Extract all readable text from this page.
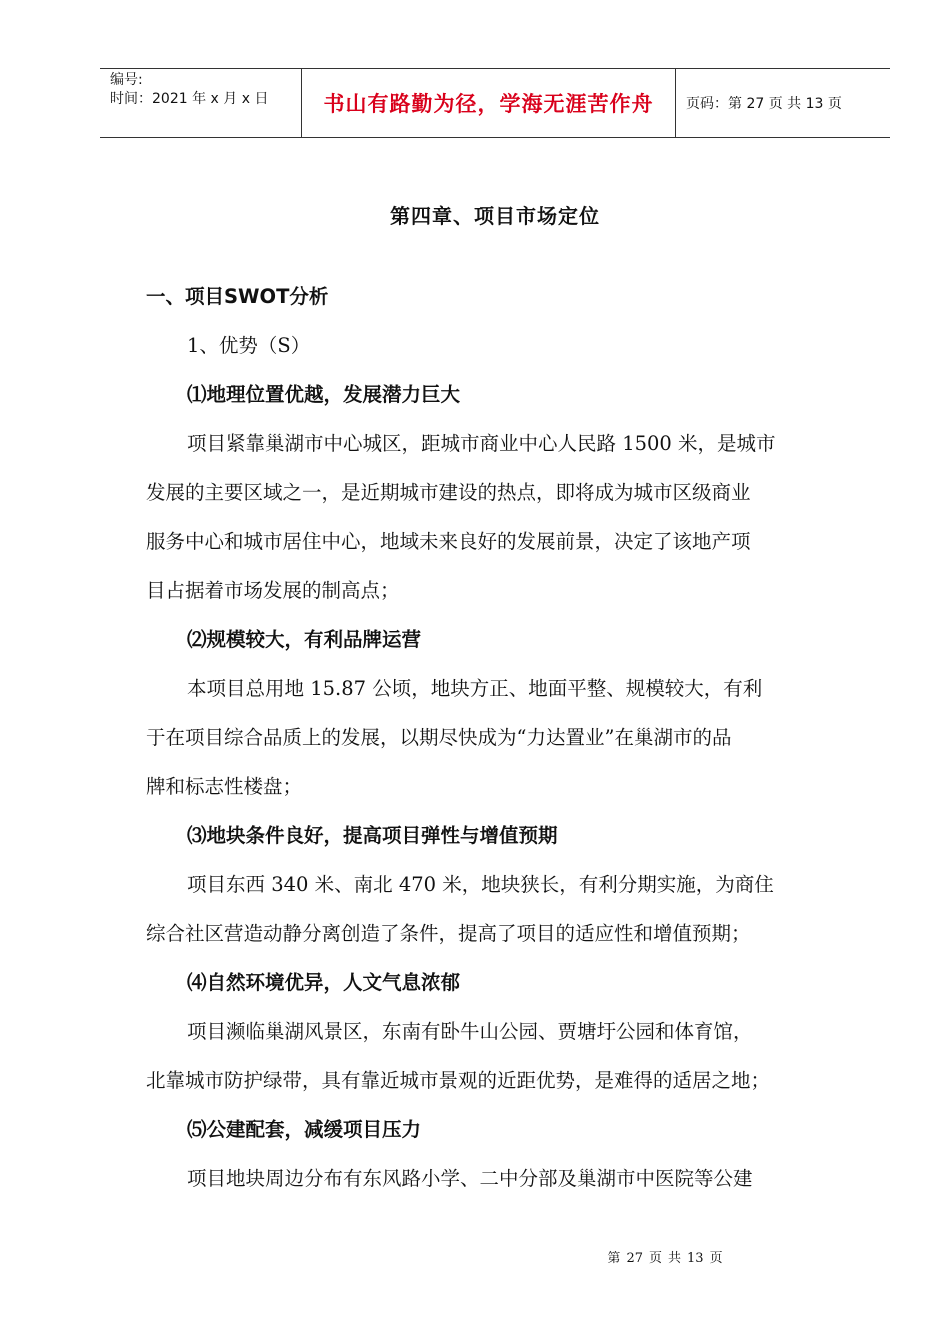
编号:
时间：2021 年 x 月 x 日	书山有路勤为径，学海无涯苦作舟	页码：第 27 页 共 13 页
第四章、项目市场定位
一、项目SWOT分析
1、优势（S）
⑴地理位置优越，发展潜力巨大
项目紧靠巢湖市中心城区，距城市商业中心人民路 1500 米，是城市
发展的主要区域之一，是近期城市建设的热点，即将成为城市区级商业
服务中心和城市居住中心，地域未来良好的发展前景，决定了该地产项
目占据着市场发展的制高点；
⑵规模较大，有利品牌运营
本项目总用地 15.87 公顷，地块方正、地面平整、规模较大，有利
于在项目综合品质上的发展，以期尽快成为“力达置业”在巢湖市的品
牌和标志性楼盘；
⑶地块条件良好，提高项目弹性与增值预期
项目东西 340 米、南北 470 米，地块狭长，有利分期实施，为商住
综合社区营造动静分离创造了条件，提高了项目的适应性和增值预期；
⑷自然环境优异，人文气息浓郁
项目濒临巢湖风景区，东南有卧牛山公园、贾塘圩公园和体育馆，
北靠城市防护绿带，具有靠近城市景观的近距优势，是难得的适居之地；
⑸公建配套，减缓项目压力
项目地块周边分布有东风路小学、二中分部及巢湖市中医院等公建
第 27 页 共 13 页
